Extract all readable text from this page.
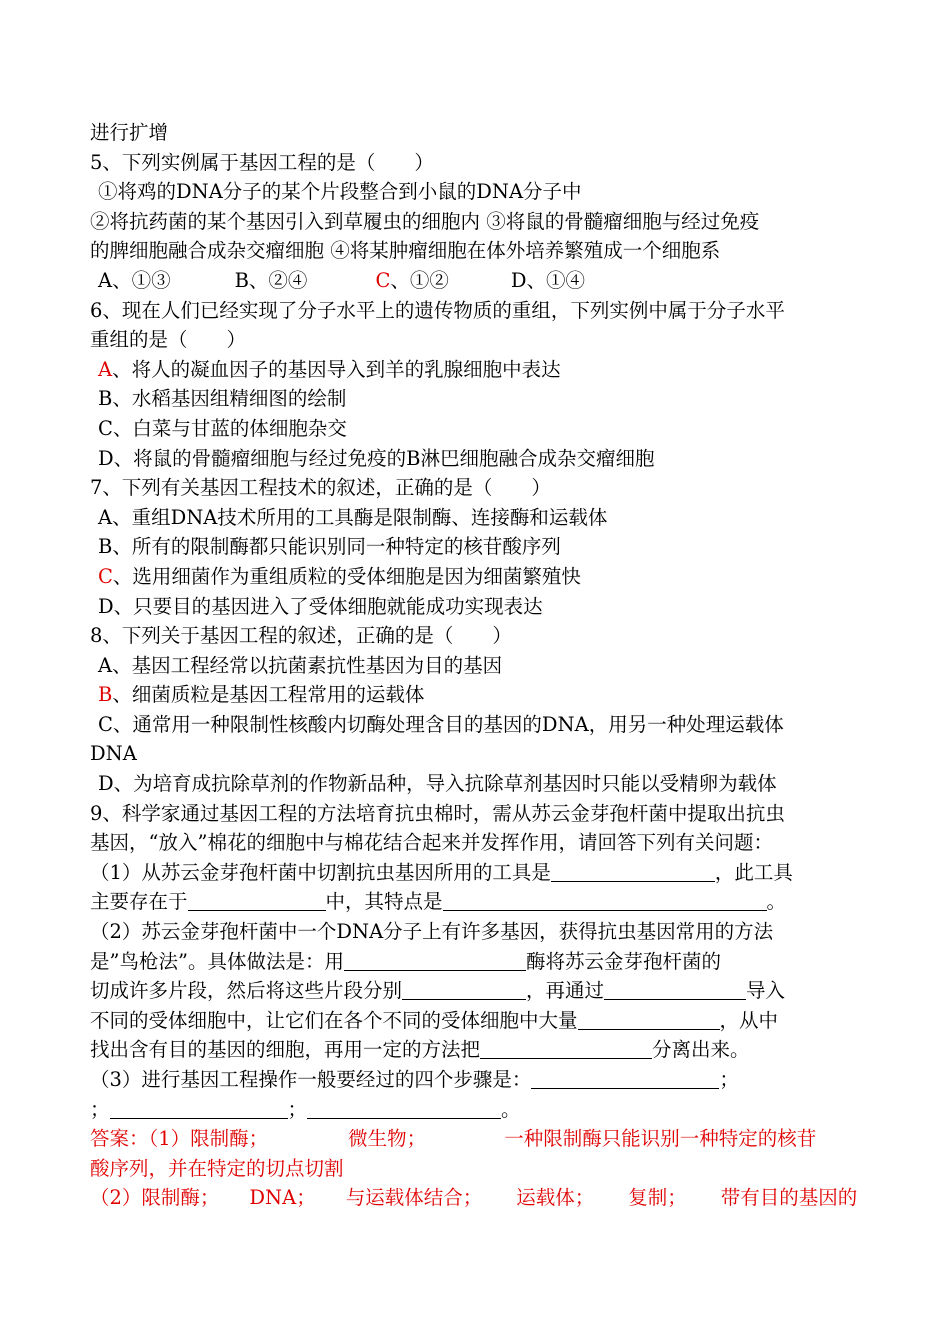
进行扩增
5、下列实例属于基因工程的是（　　）
①将鸡的DNA分子的某个片段整合到小鼠的DNA分子中
②将抗药菌的某个基因引入到草履虫的细胞内 ③将鼠的骨髓瘤细胞与经过免疫
的脾细胞融合成杂交瘤细胞 ④将某肿瘤细胞在体外培养繁殖成一个细胞系
A、①③	B、②④	C、①②	D、①④
6、现在人们已经实现了分子水平上的遗传物质的重组，下列实例中属于分子水平
重组的是（　　）
A、将人的凝血因子的基因导入到羊的乳腺细胞中表达
B、水稻基因组精细图的绘制
C、白菜与甘蓝的体细胞杂交
D、将鼠的骨髓瘤细胞与经过免疫的B淋巴细胞融合成杂交瘤细胞
7、下列有关基因工程技术的叙述，正确的是（　　）
A、重组DNA技术所用的工具酶是限制酶、连接酶和运载体
B、所有的限制酶都只能识别同一种特定的核苷酸序列
C、选用细菌作为重组质粒的受体细胞是因为细菌繁殖快
D、只要目的基因进入了受体细胞就能成功实现表达
8、下列关于基因工程的叙述，正确的是（　　）
A、基因工程经常以抗菌素抗性基因为目的基因
B、细菌质粒是基因工程常用的运载体
C、通常用一种限制性核酸内切酶处理含目的基因的DNA，用另一种处理运载体
DNA
D、为培育成抗除草剂的作物新品种，导入抗除草剂基因时只能以受精卵为载体
9、科学家通过基因工程的方法培育抗虫棉时，需从苏云金芽孢杆菌中提取出抗虫
基因，“放入”棉花的细胞中与棉花结合起来并发挥作用，请回答下列有关问题：
（1）从苏云金芽孢杆菌中切割抗虫基因所用的工具是	，此工具
主要存在于	中，其特点是	。
（2）苏云金芽孢杆菌中一个DNA分子上有许多基因，获得抗虫基因常用的方法
是”鸟枪法”。具体做法是：用	酶将苏云金芽孢杆菌的
切成许多片段，然后将这些片段分别	，再通过	导入
不同的受体细胞中，让它们在各个不同的受体细胞中大量	，从中
找出含有目的基因的细胞，再用一定的方法把	分离出来。
（3）进行基因工程操作一般要经过的四个步骤是：	；
；	；	。
答案：（1）限制酶；	微生物；	一种限制酶只能识别一种特定的核苷
酸序列，并在特定的切点切割
（2）限制酶； DNA； 与运载体结合； 运载体； 复制； 带有目的基因的
